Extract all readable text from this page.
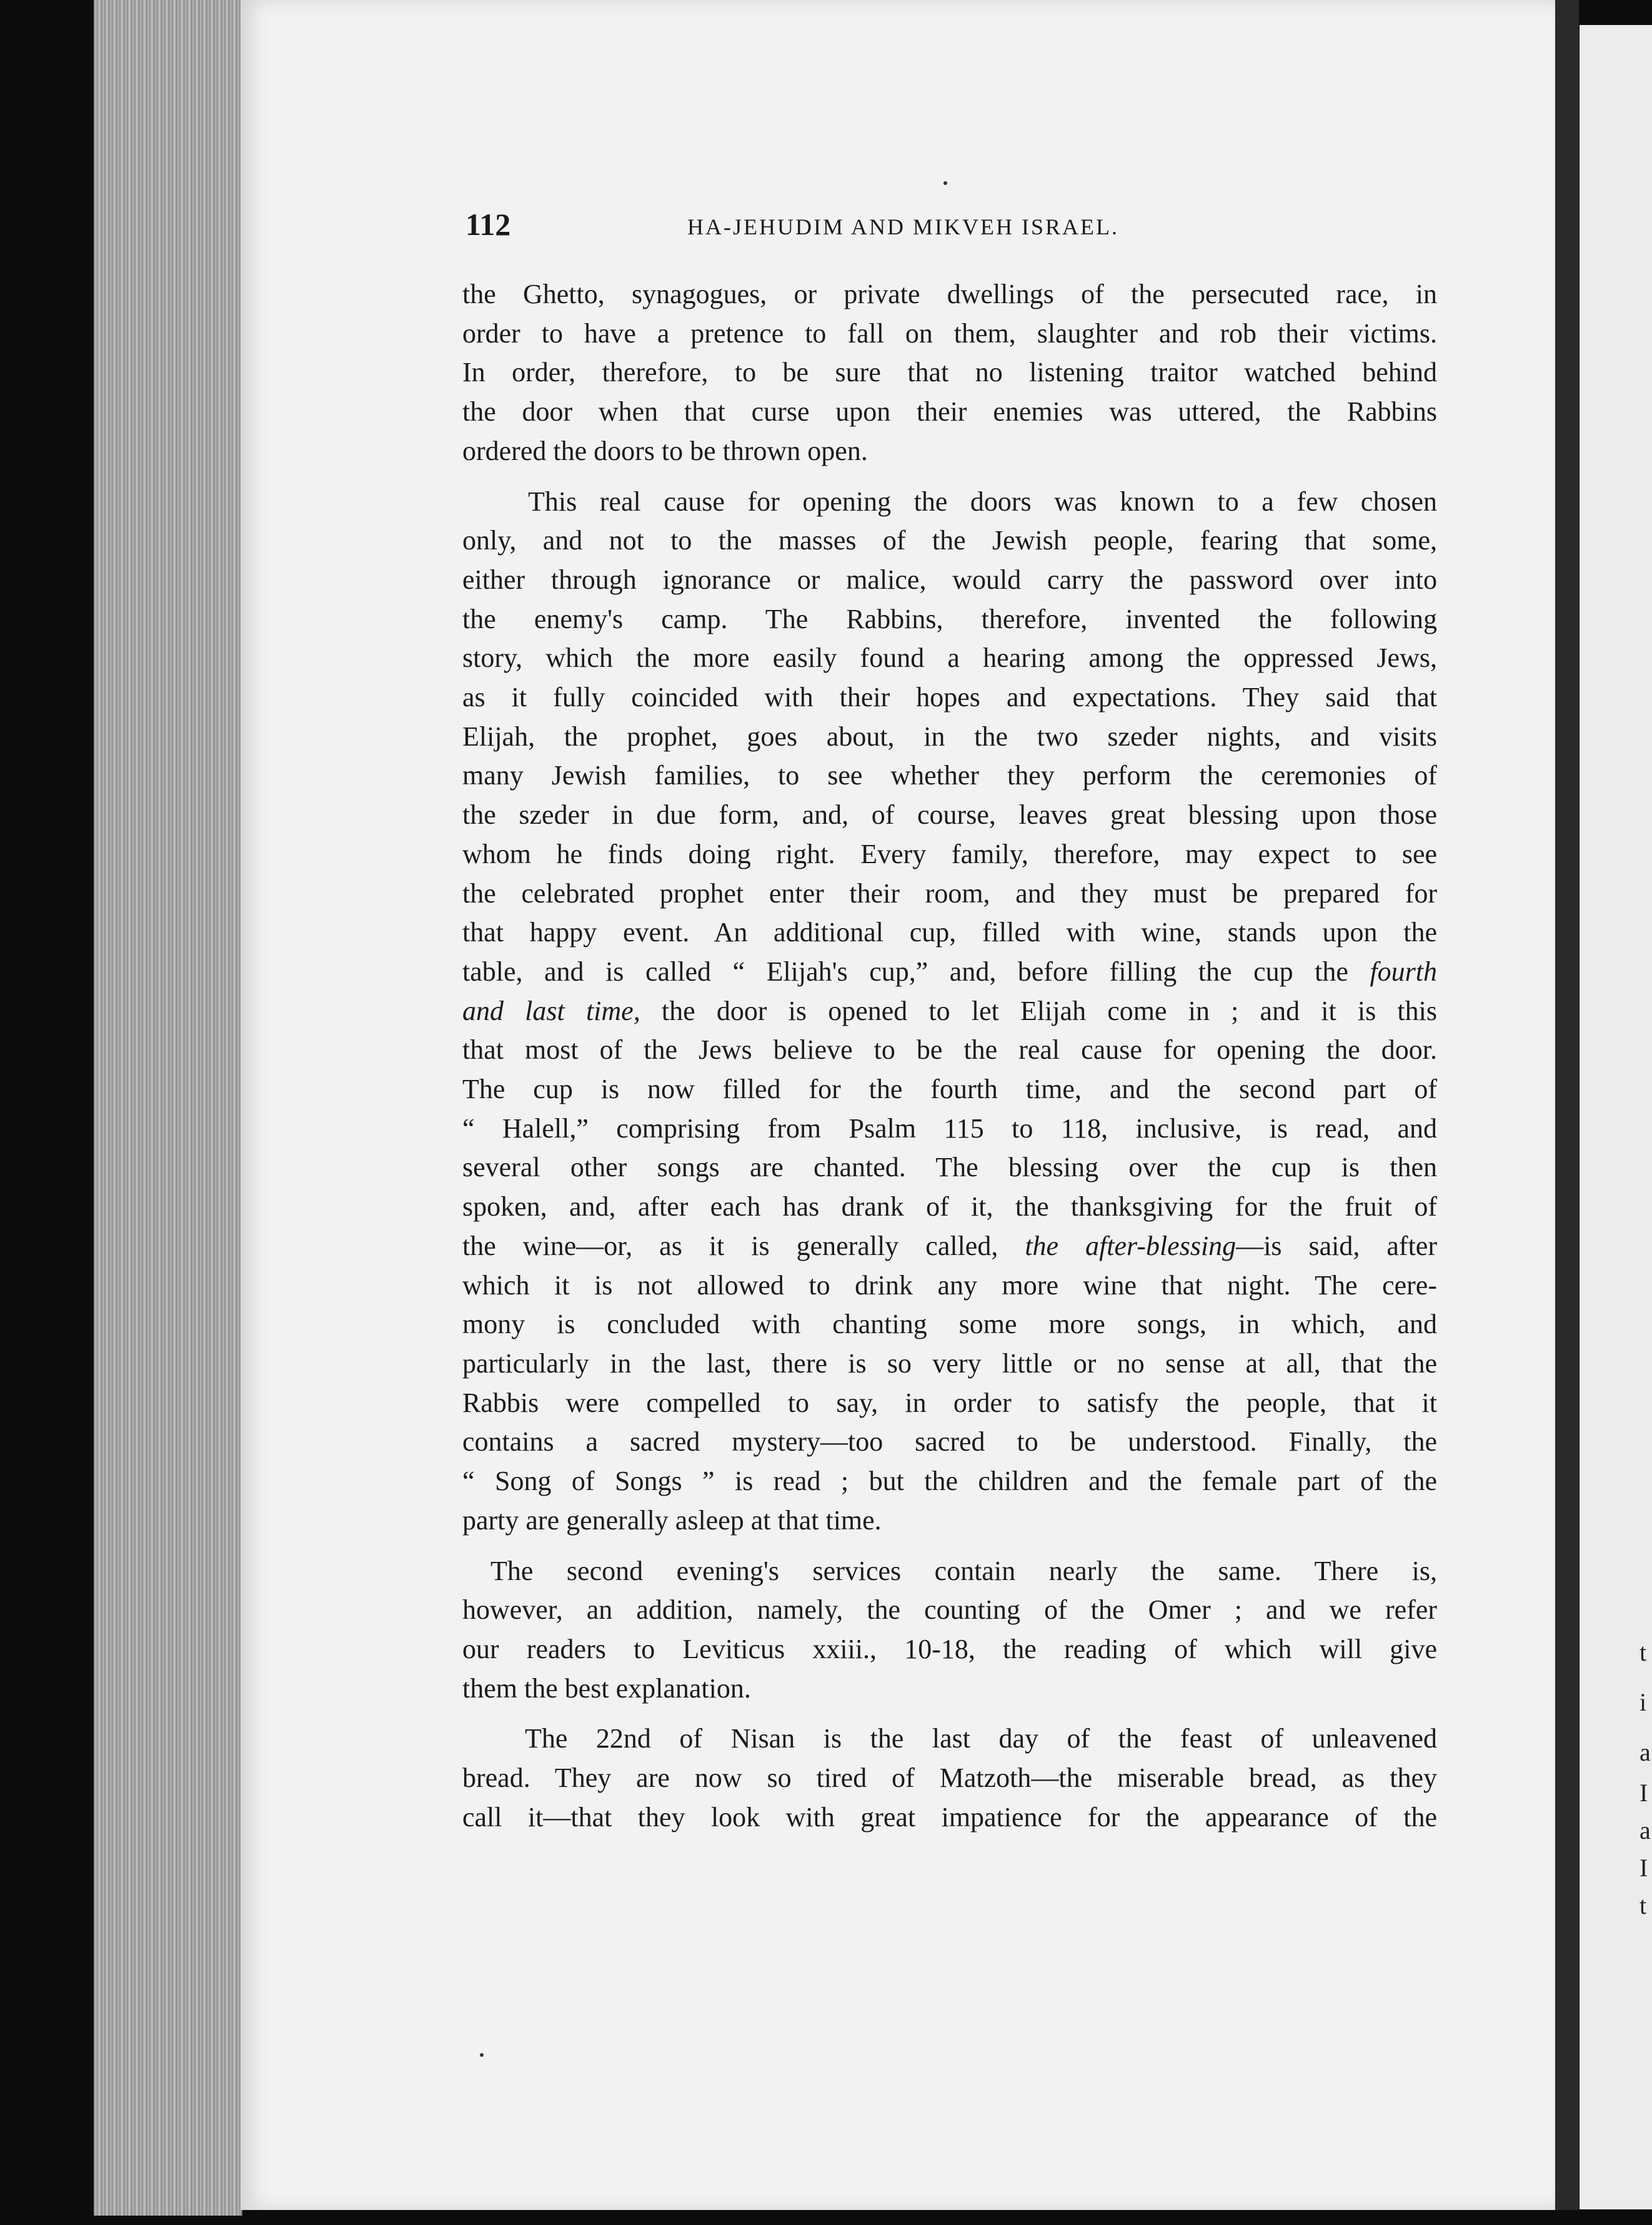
t
i
a
I
a
I
t
112	HA-JEHUDIM AND MIKVEH ISRAEL.

the Ghetto, synagogues, or private dwellings of the persecuted race, in
order to have a pretence to fall on them, slaughter and rob their victims.
In order, therefore, to be sure that no listening traitor watched behind
the door when that curse upon their enemies was uttered, the Rabbins
ordered the doors to be thrown open.

This real cause for opening the doors was known to a few chosen
only, and not to the masses of the Jewish people, fearing that some,
either through ignorance or malice, would carry the password over into
the enemy's camp. The Rabbins, therefore, invented the following
story, which the more easily found a hearing among the oppressed Jews,
as it fully coincided with their hopes and expectations. They said that
Elijah, the prophet, goes about, in the two szeder nights, and visits
many Jewish families, to see whether they perform the ceremonies of
the szeder in due form, and, of course, leaves great blessing upon those
whom he finds doing right. Every family, therefore, may expect to see
the celebrated prophet enter their room, and they must be prepared for
that happy event. An additional cup, filled with wine, stands upon the
table, and is called “ Elijah's cup,” and, before filling the cup the fourth
and last time, the door is opened to let Elijah come in ; and it is this
that most of the Jews believe to be the real cause for opening the door.
The cup is now filled for the fourth time, and the second part of
“ Halell,” comprising from Psalm 115 to 118, inclusive, is read, and
several other songs are chanted. The blessing over the cup is then
spoken, and, after each has drank of it, the thanksgiving for the fruit of
the wine—or, as it is generally called, the after-blessing—is said, after
which it is not allowed to drink any more wine that night. The cere-
mony is concluded with chanting some more songs, in which, and
particularly in the last, there is so very little or no sense at all, that the
Rabbis were compelled to say, in order to satisfy the people, that it
contains a sacred mystery—too sacred to be understood. Finally, the
“ Song of Songs ” is read ; but the children and the female part of the
party are generally asleep at that time.

The second evening's services contain nearly the same. There is,
however, an addition, namely, the counting of the Omer ; and we refer
our readers to Leviticus xxiii., 10-18, the reading of which will give
them the best explanation.

The 22nd of Nisan is the last day of the feast of unleavened
bread. They are now so tired of Matzoth—the miserable bread, as they
call it—that they look with great impatience for the appearance of the
